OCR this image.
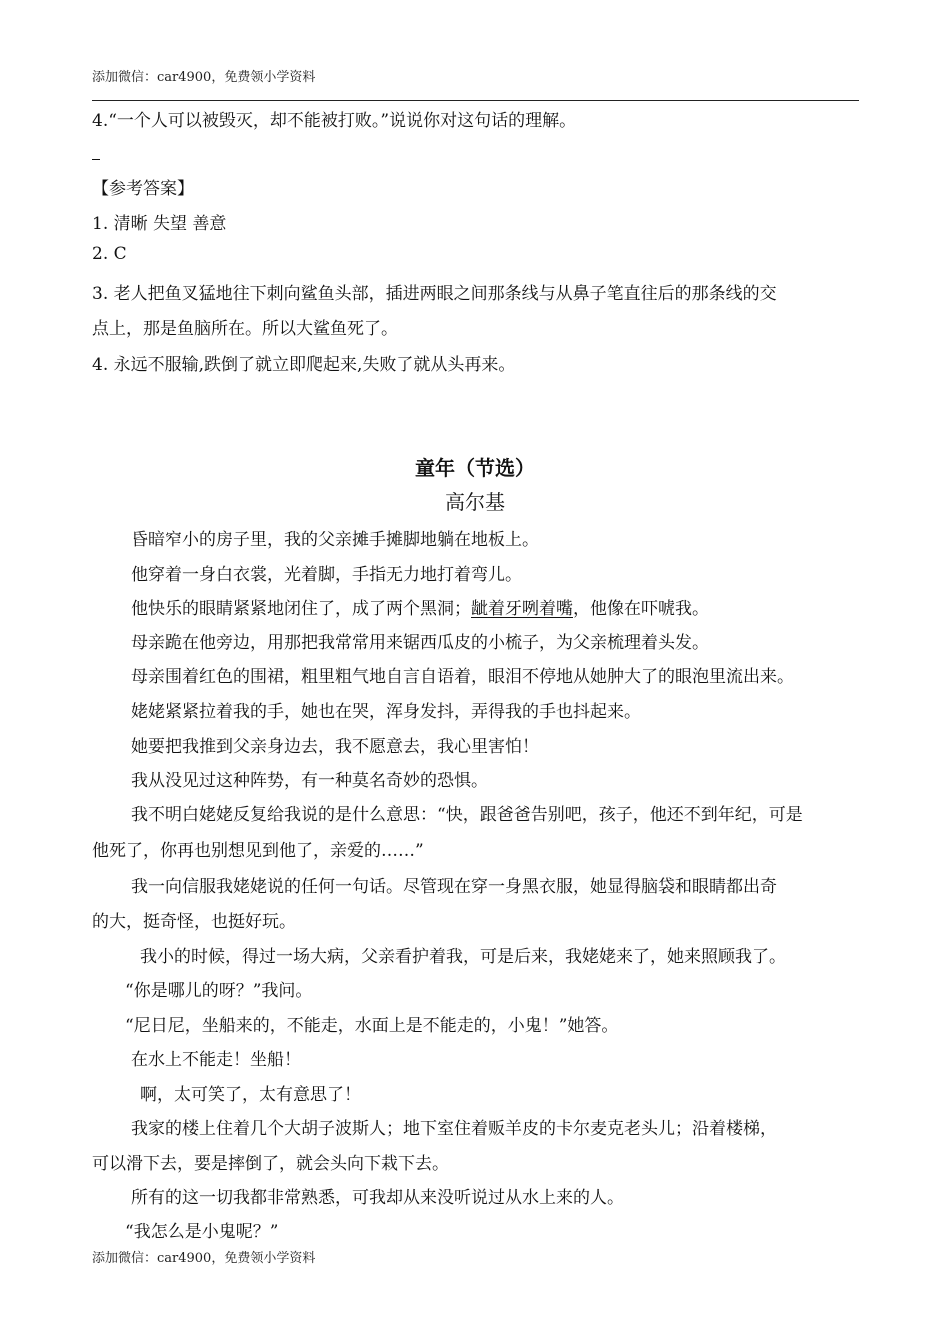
添加微信：car4900，免费领小学资料
4.“一个人可以被毁灭，却不能被打败。”说说你对这句话的理解。
【参考答案】
1. 清晰 失望 善意
2. C
3. 老人把鱼叉猛地往下刺向鲨鱼头部，插进两眼之间那条线与从鼻子笔直往后的那条线的交
点上，那是鱼脑所在。所以大鲨鱼死了。
4. 永远不服输,跌倒了就立即爬起来,失败了就从头再来。
童年（节选）
高尔基
昏暗窄小的房子里，我的父亲摊手摊脚地躺在地板上。
他穿着一身白衣裳，光着脚，手指无力地打着弯儿。
他快乐的眼睛紧紧地闭住了，成了两个黑洞；龇着牙咧着嘴，他像在吓唬我。
母亲跪在他旁边，用那把我常常用来锯西瓜皮的小梳子，为父亲梳理着头发。
母亲围着红色的围裙，粗里粗气地自言自语着，眼泪不停地从她肿大了的眼泡里流出来。
姥姥紧紧拉着我的手，她也在哭，浑身发抖，弄得我的手也抖起来。
她要把我推到父亲身边去，我不愿意去，我心里害怕！
我从没见过这种阵势，有一种莫名奇妙的恐惧。
我不明白姥姥反复给我说的是什么意思：“快，跟爸爸告别吧，孩子，他还不到年纪，可是
他死了，你再也别想见到他了，亲爱的……”
我一向信服我姥姥说的任何一句话。尽管现在穿一身黑衣服，她显得脑袋和眼睛都出奇
的大，挺奇怪，也挺好玩。
我小的时候，得过一场大病，父亲看护着我，可是后来，我姥姥来了，她来照顾我了。
“你是哪儿的呀？”我问。
“尼日尼，坐船来的，不能走，水面上是不能走的，小鬼！”她答。
在水上不能走！坐船！
啊，太可笑了，太有意思了！
我家的楼上住着几个大胡子波斯人；地下室住着贩羊皮的卡尔麦克老头儿；沿着楼梯，
可以滑下去，要是摔倒了，就会头向下栽下去。
所有的这一切我都非常熟悉，可我却从来没听说过从水上来的人。
“我怎么是小鬼呢？”
添加微信：car4900，免费领小学资料
